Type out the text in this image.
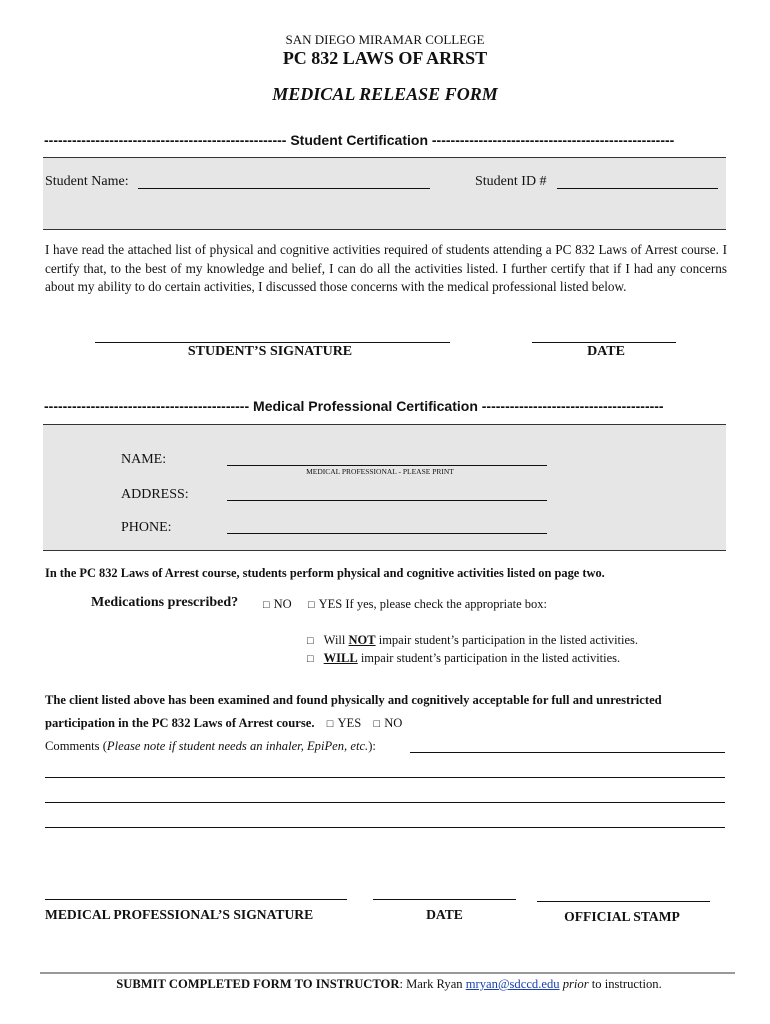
SAN DIEGO MIRAMAR COLLEGE
PC 832 LAWS OF ARRST
MEDICAL RELEASE FORM
---------------------------------------------------- Student Certification ----------------------------------------------------
Student Name:	Student ID #
I have read the attached list of physical and cognitive activities required of students attending a PC 832 Laws of Arrest course. I certify that, to the best of my knowledge and belief, I can do all the activities listed. I further certify that if I had any concerns about my ability to do certain activities, I discussed those concerns with the medical professional listed below.
STUDENT’S SIGNATURE	DATE
-------------------------------------------- Medical Professional Certification ---------------------------------------
NAME:
MEDICAL PROFESSIONAL - PLEASE PRINT
ADDRESS:
PHONE:
In the PC 832 Laws of Arrest course, students perform physical and cognitive activities listed on page two.
Medications prescribed? □ NO □ YES If yes, please check the appropriate box:
□ Will NOT impair student’s participation in the listed activities.
□ WILL impair student’s participation in the listed activities.
The client listed above has been examined and found physically and cognitively acceptable for full and unrestricted
participation in the PC 832 Laws of Arrest course. □ YES □ NO
Comments (Please note if student needs an inhaler, EpiPen, etc.):
MEDICAL PROFESSIONAL’S SIGNATURE	DATE	OFFICIAL STAMP
SUBMIT COMPLETED FORM TO INSTRUCTOR: Mark Ryan mryan@sdccd.edu prior to instruction.
